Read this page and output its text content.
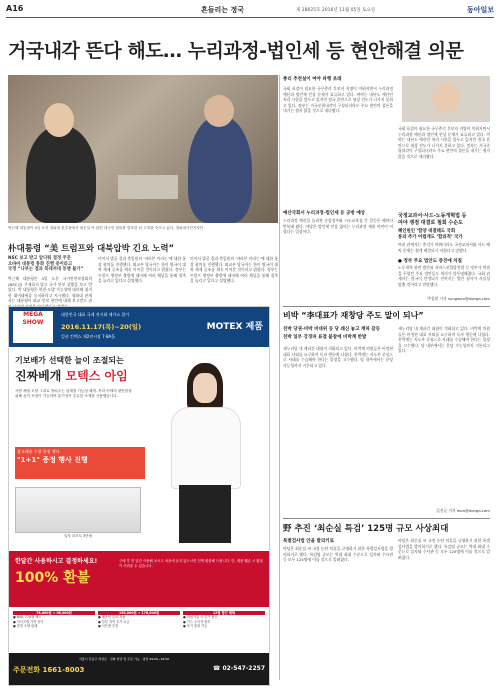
A16	흔들리는 정국	제 28625호 2016년 11월 05일 토요일	동아일보
거국내각 뜬다 해도… 누리과정-법인세 등 현안해결 의문
박근혜 대통령이 4일 오전 청와대 춘추관에서 최순실 씨 관련 대국민 담화를 발표한 뒤 고개를 숙이고 있다. 청와대사진기자단
朴대통령 “美 트럼프와 대북압박 긴요 노력”
NSC 보고 받고 앞다퉈 결정 주문
오바마 대통령 통화 진행 중이라고
국정 “나부는 결과 북대저대 동맹 불가”
박근혜 대통령은 4일 오후 국가안전보장회의(NSC)를 주재하지 않고 국가 안보 상황을 보고 받았다. 박 대통령은 북한 도발 가능성에 대비해 철저한 대비태세를 유지하라고 지시했다. 청와대 관계자는 대통령이 외교 안보 현안에 대해 보고받고 관
이어서 발굴 결과 측입원의 ‘바라본 이라는’에 대한 통상 협의를 진행했다. 외교부 당국자는 한미 양국이 대북 제재 공조를 계속 이어갈 것이라고 밝혔다. 정부는 트럼프 행정부 출범에 대비해 여러 채널을 통해 접촉을 늘리고 있다고 설명했다.
이어서 발굴 결과 측입원의 ‘바라본 이라는’에 대한 통상 협의를 진행했다. 외교부 당국자는 한미 양국이 대북 제재 공조를 계속 이어갈 것이라고 밝혔다. 정부는 트럼프 행정부 출범에 대비해 여러 채널을 통해 접촉을 늘리고 있다고 설명했다.
MEGA SHOW
대한민국 대표 국제 전시회 메가쇼 참가
2016.11.17(목)~20(일)
일산 킨텍스 제2전시장 7·8A홀
MOTEX 제품
기보배가 선택한 늘이 조절되는
진짜베개 모텍스 아임
사람 체형 모양 그대로 받쳐주는 입체형 기능성 베개. 목과 어깨의 편안함을 위해 높이 조절이 가능하며 통기성이 우수한 소재를 사용했습니다.
참고배송 수량 한정 행사
"1+1" 증정 행사 진행
일자 리조트 3단형
한달간 사용하시고 결정하세요!
100% 환불
구매 후 한 달간 사용해 보시고 마음에 들지 않으시면 전액 환불해 드립니다. 단, 제품 훼손 시 환불이 어려울 수 있습니다.
76,000원 → 96,000원
● 800, 770엔 세트
● 사이즈별 가격 상이
● 한정 수량 판매
156,000원 → 176,000원
● 배송비 무료 적용
● 일부 지역 추가 요금
● 사은품 증정
12월 할인 해택
● 회원가입 시 추가 할인
● 카드 무이자 할부
● 조기 품절 가능
주문전화 1661-8003
서울시 강남구 역삼로 · 전화 상담 및 주문 가능 · 평일 09:00~18:00
☎ 02-547-2257
총리 추천설이 여야 파행 초래
국회 표결이 필요한 국무총리 후보자 지명이 미뤄지면서 누리과정 예산과 법인세 인상 문제가 표류하고 있다. 여야는 내년도 예산안 처리 시한을 앞두고 있지만 정국 혼란으로 협상 진도가 나가지 못하고 있다. 정부는 거국중립내각이 구성되더라도 주요 현안의 결론을 내기는 쉽지 않을 것으로 내다봤다.
국회 표결이 필요한 국무총리 후보자 지명이 미뤄지면서 누리과정 예산과 법인세 인상 문제가 표류하고 있다. 여야는 내년도 예산안 처리 시한을 앞두고 있지만 정국 혼란으로 협상 진도가 나가지 못하고 있다. 정부는 거국중립내각이 구성되더라도 주요 현안의 결론을 내기는 쉽지 않을 것으로 내다봤다.
예산국회서 누리과정-법인세 등 공방 예상
누리과정 예산을 둘러싼 중앙정부와 시도교육청 간 갈등은 해마다 반복돼 왔다. 야당은 법인세 인상 없이는 누리과정 재원 마련이 어렵다는 입장이다.
국정교과서·사드-노동개혁법 등
여야 쟁점 대결로 철회 수순도
혜인원인 ‘함양 대결해도 국회
통과 추가 어렵게도 ‘합리적’ 국가
여권 관계자는 총리가 바뀌더라도 국정교과서와 사드 배치 문제는 쉽게 해결되기 어렵다고 말했다.
● 정부 주요 법안도 증진에 차질
노동개혁 관련 법안과 서비스산업발전법 등 정부가 역점을 두었던 주요 법안들도 처리가 불투명해졌다. 국회 관계자는 정국이 안정되기 전까지는 법안 심사가 사실상 멈출 것이라고 전망했다.
박성원 기자 sungwon@donga.com
비박 “李대표가 재창당 주도 말이 되나”
친박 당권-비박 비대위 등 당 쇄신 놓고 계파 갈등
친박 일부 강경파 표결 불참에 비박계 반발
새누리당 내 계파간 대립이 격화되고 있다. 비박계 의원들은 이정현 대표 사퇴를 요구하며 독자 행동에 나섰다. 친박계는 지도부 중심으로 사태를 수습해야 한다는 입장을 고수했다. 당 내부에서는 분당 가능성까지 거론되고 있다.
새누리당 내 계파간 대립이 격화되고 있다. 비박계 의원들은 이정현 대표 사퇴를 요구하며 독자 행동에 나섰다. 친박계는 지도부 중심으로 사태를 수습해야 한다는 입장을 고수했다. 당 내부에서는 분당 가능성까지 거론되고 있다.
길진균 기자 leon@donga.com
野 추진 ‘최순실 특검’ 125명 규모 사상최대
특별검사법 안을 발의키로
야당은 최순실 씨 국정 농단 의혹을 규명하기 위한 특별검사법을 발의하기로 했다. 특검팀 규모는 역대 최대 수준으로 검사와 수사관 등 모두 125명에 이를 것으로 알려졌다.
야당은 최순실 씨 국정 농단 의혹을 규명하기 위한 특별검사법을 발의하기로 했다. 특검팀 규모는 역대 최대 수준으로 검사와 수사관 등 모두 125명에 이를 것으로 알려졌다.
